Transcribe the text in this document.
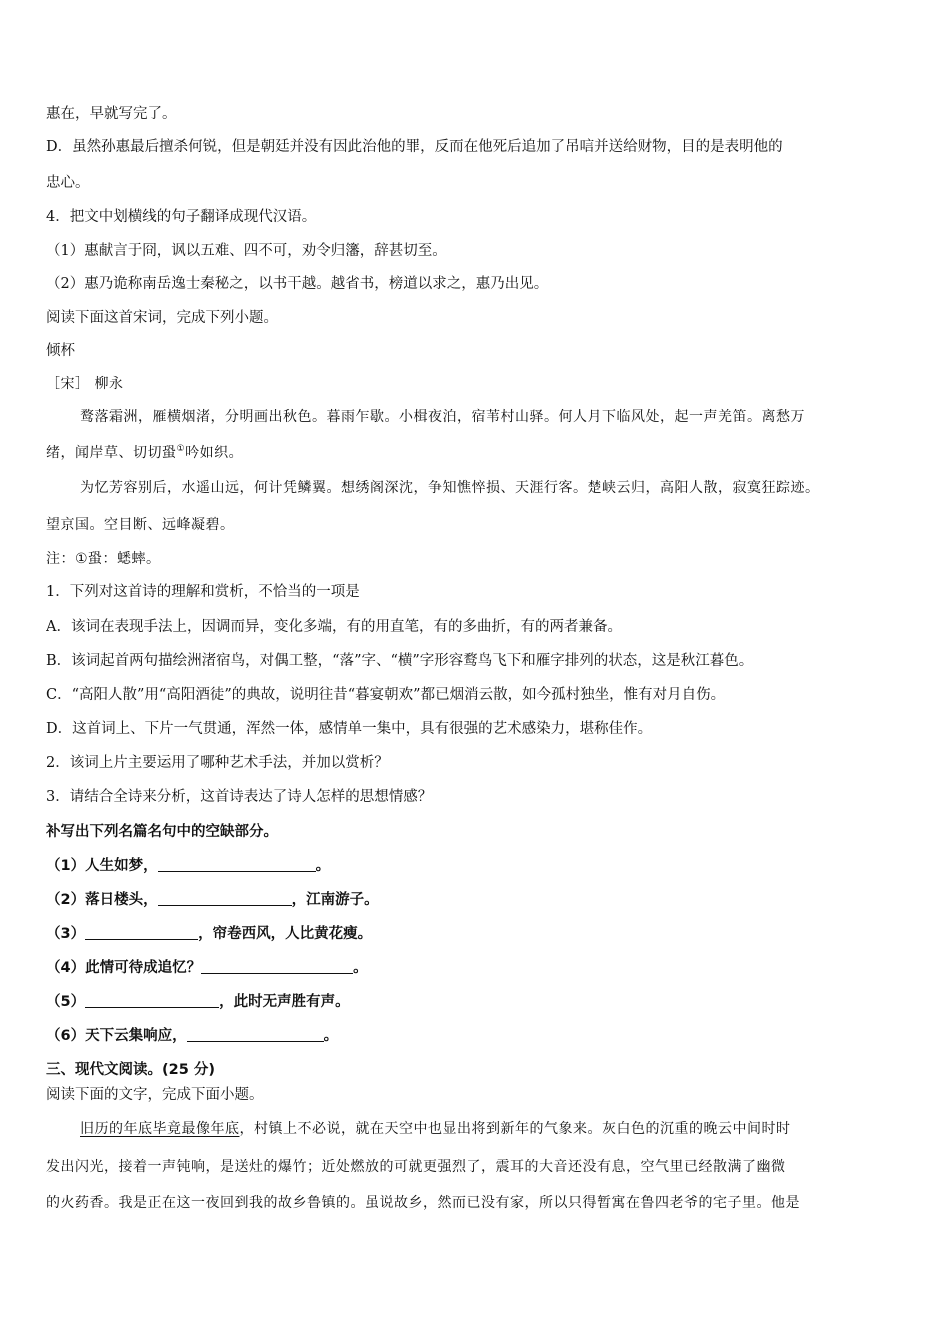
惠在，早就写完了。
D．虽然孙惠最后擅杀何锐，但是朝廷并没有因此治他的罪，反而在他死后追加了吊唁并送给财物，目的是表明他的
忠心。
4．把文中划横线的句子翻译成现代汉语。
（1）惠献言于冏，讽以五难、四不可，劝令归籓，辞甚切至。
（2）惠乃诡称南岳逸士秦秘之，以书干越。越省书，榜道以求之，惠乃出见。
阅读下面这首宋词，完成下列小题。
倾杯
［宋］ 柳永
鹜落霜洲，雁横烟渚，分明画出秋色。暮雨乍歇。小楫夜泊，宿苇村山驿。何人月下临风处，起一声羌笛。离愁万
绪，闻岸草、切切蛩①吟如织。
为忆芳容别后，水遥山远，何计凭鳞翼。想绣阁深沈，争知憔悴损、天涯行客。楚峡云归，高阳人散，寂寞狂踪迹。
望京国。空目断、远峰凝碧。
注：①蛩：蟋蟀。
1．下列对这首诗的理解和赏析，不恰当的一项是
A．该词在表现手法上，因调而异，变化多端，有的用直笔，有的多曲折，有的两者兼备。
B．该词起首两句描绘洲渚宿鸟，对偶工整，“落”字、“横”字形容鹜鸟飞下和雁字排列的状态，这是秋江暮色。
C．“高阳人散”用“高阳酒徒”的典故，说明往昔“暮宴朝欢”都已烟消云散，如今孤村独坐，惟有对月自伤。
D．这首词上、下片一气贯通，浑然一体，感情单一集中，具有很强的艺术感染力，堪称佳作。
2．该词上片主要运用了哪种艺术手法，并加以赏析？
3．请结合全诗来分析，这首诗表达了诗人怎样的思想情感？
补写出下列名篇名句中的空缺部分。
（1）人生如梦，	。
（2）落日楼头，	，江南游子。
（3）	，帘卷西风，人比黄花瘦。
（4）此情可待成追忆？	。
（5）	，此时无声胜有声。
（6）天下云集响应，	。
三、现代文阅读。(25 分)
阅读下面的文字，完成下面小题。
旧历的年底毕竟最像年底，村镇上不必说，就在天空中也显出将到新年的气象来。灰白色的沉重的晚云中间时时
发出闪光，接着一声钝响，是送灶的爆竹；近处燃放的可就更强烈了，震耳的大音还没有息，空气里已经散满了幽微
的火药香。我是正在这一夜回到我的故乡鲁镇的。虽说故乡，然而已没有家，所以只得暂寓在鲁四老爷的宅子里。他是
